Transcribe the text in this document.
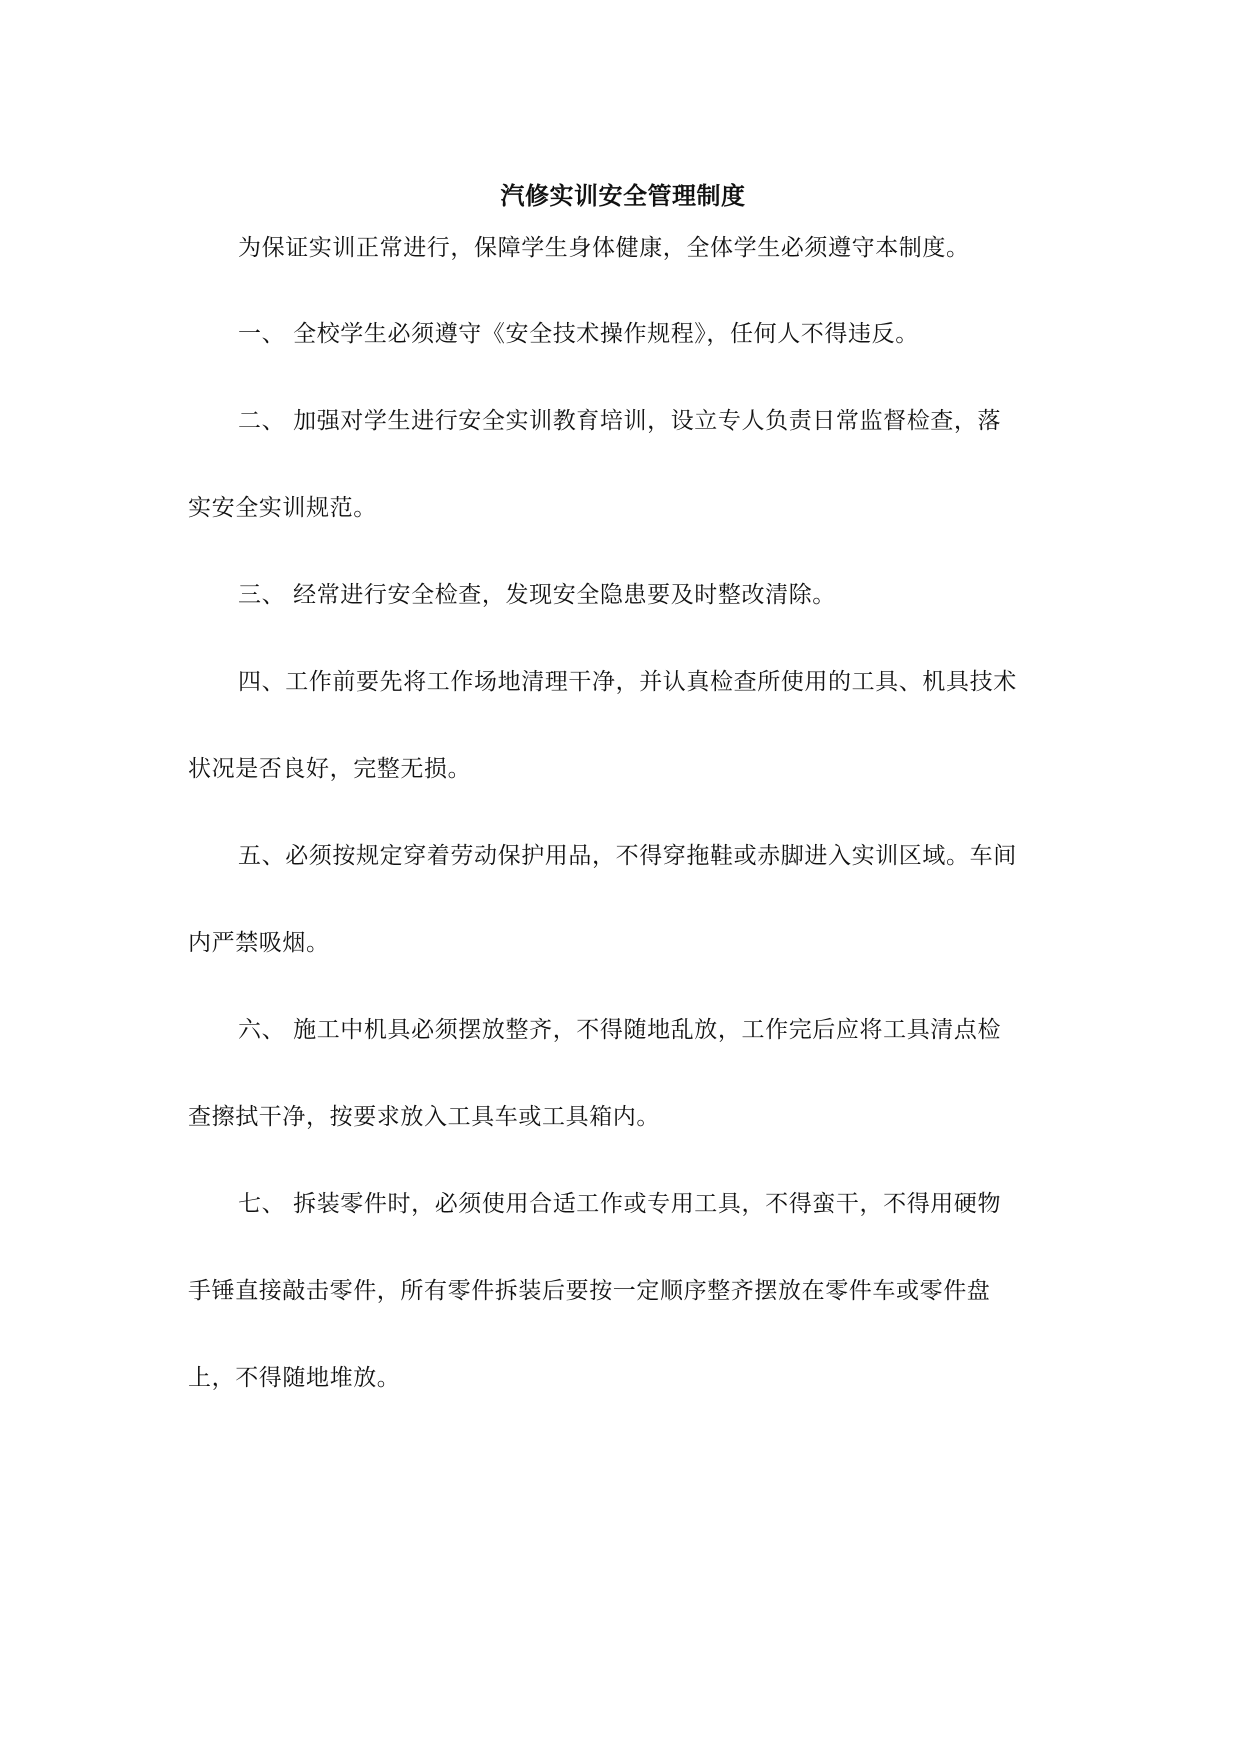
汽修实训安全管理制度
为保证实训正常进行，保障学生身体健康，全体学生必须遵守本制度。
一、 全校学生必须遵守《安全技术操作规程》，任何人不得违反。
二、 加强对学生进行安全实训教育培训，设立专人负责日常监督检查，落
实安全实训规范。
三、 经常进行安全检查，发现安全隐患要及时整改清除。
四、工作前要先将工作场地清理干净，并认真检查所使用的工具、机具技术
状况是否良好，完整无损。
五、必须按规定穿着劳动保护用品，不得穿拖鞋或赤脚进入实训区域。车间
内严禁吸烟。
六、 施工中机具必须摆放整齐，不得随地乱放，工作完后应将工具清点检
查擦拭干净，按要求放入工具车或工具箱内。
七、 拆装零件时，必须使用合适工作或专用工具，不得蛮干，不得用硬物
手锤直接敲击零件，所有零件拆装后要按一定顺序整齐摆放在零件车或零件盘
上，不得随地堆放。
